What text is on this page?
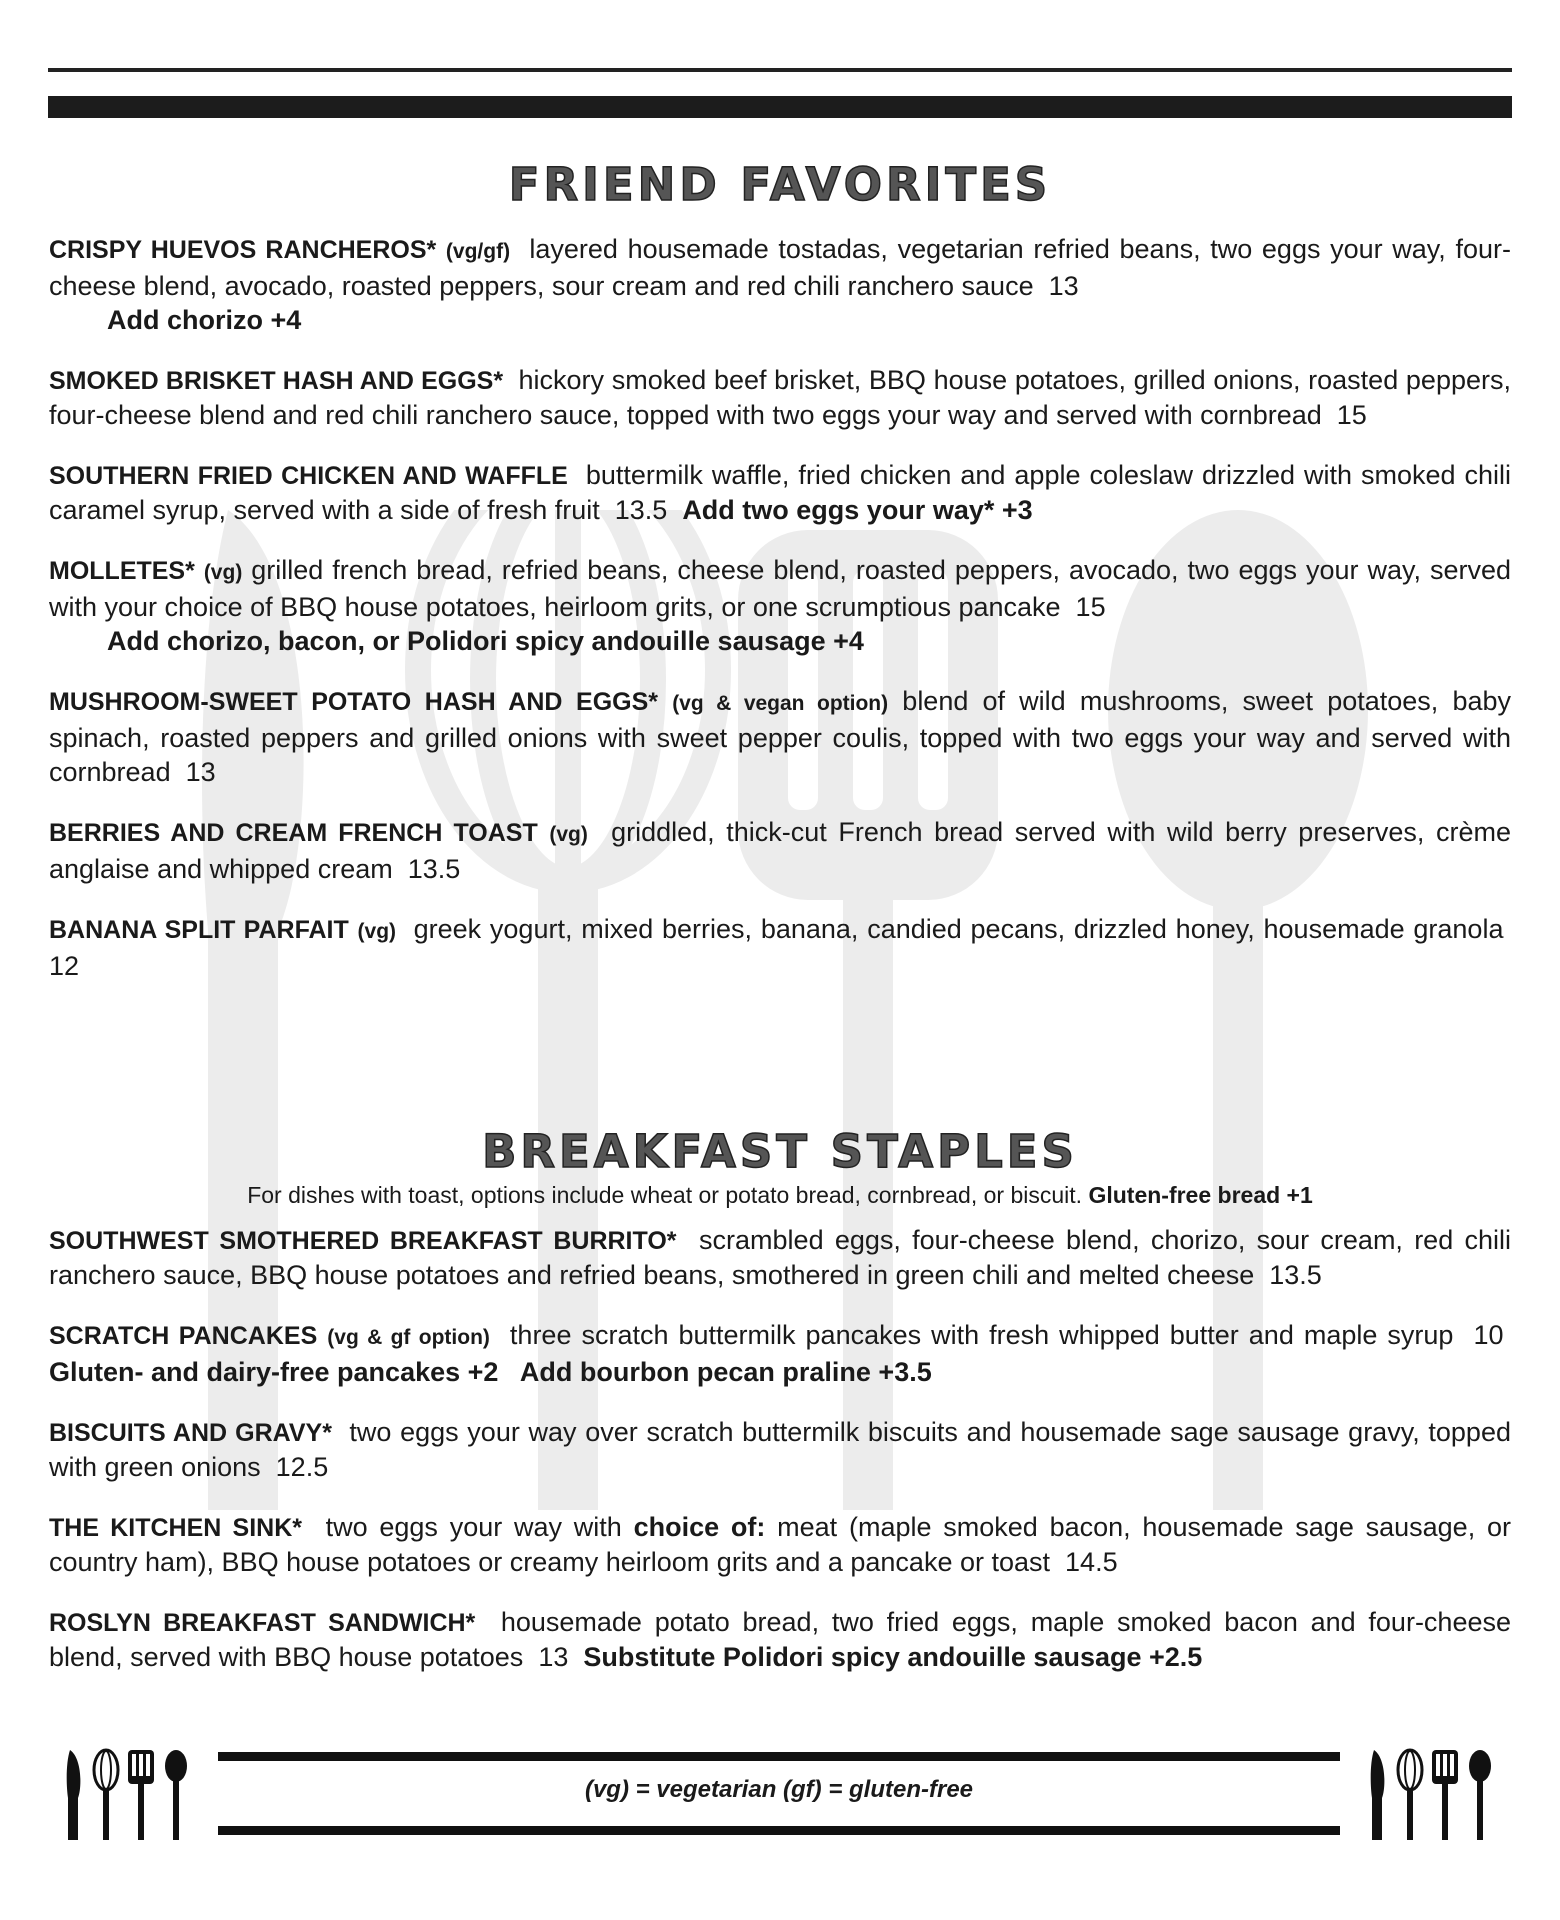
FRIEND FAVORITES

CRISPY HUEVOS RANCHEROS* (vg/gf) layered housemade tostadas, vegetarian refried beans, two eggs your way, four-cheese blend, avocado, roasted peppers, sour cream and red chili ranchero sauce 13
Add chorizo +4

SMOKED BRISKET HASH AND EGGS* hickory smoked beef brisket, BBQ house potatoes, grilled onions, roasted peppers, four-cheese blend and red chili ranchero sauce, topped with two eggs your way and served with cornbread 15

SOUTHERN FRIED CHICKEN AND WAFFLE buttermilk waffle, fried chicken and apple coleslaw drizzled with smoked chili caramel syrup, served with a side of fresh fruit 13.5 Add two eggs your way* +3

MOLLETES* (vg) grilled french bread, refried beans, cheese blend, roasted peppers, avocado, two eggs your way, served with your choice of BBQ house potatoes, heirloom grits, or one scrumptious pancake 15
Add chorizo, bacon, or Polidori spicy andouille sausage +4

MUSHROOM-SWEET POTATO HASH AND EGGS* (vg & vegan option) blend of wild mushrooms, sweet potatoes, baby spinach, roasted peppers and grilled onions with sweet pepper coulis, topped with two eggs your way and served with cornbread 13

BERRIES AND CREAM FRENCH TOAST (vg) griddled, thick-cut French bread served with wild berry preserves, crème anglaise and whipped cream 13.5

BANANA SPLIT PARFAIT (vg) greek yogurt, mixed berries, banana, candied pecans, drizzled honey, housemade granola  12

BREAKFAST STAPLES

For dishes with toast, options include wheat or potato bread, cornbread, or biscuit. Gluten-free bread +1

SOUTHWEST SMOTHERED BREAKFAST BURRITO* scrambled eggs, four-cheese blend, chorizo, sour cream, red chili ranchero sauce, BBQ house potatoes and refried beans, smothered in green chili and melted cheese 13.5

SCRATCH PANCAKES (vg & gf option) three scratch buttermilk pancakes with fresh whipped butter and maple syrup 10  Gluten- and dairy-free pancakes +2   Add bourbon pecan praline +3.5

BISCUITS AND GRAVY* two eggs your way over scratch buttermilk biscuits and housemade sage sausage gravy, topped with green onions 12.5

THE KITCHEN SINK* two eggs your way with choice of: meat (maple smoked bacon, housemade sage sausage, or country ham), BBQ house potatoes or creamy heirloom grits and a pancake or toast 14.5

ROSLYN BREAKFAST SANDWICH* housemade potato bread, two fried eggs, maple smoked bacon and four-cheese blend, served with BBQ house potatoes 13 Substitute Polidori spicy andouille sausage +2.5

(vg) = vegetarian (gf) = gluten-free
